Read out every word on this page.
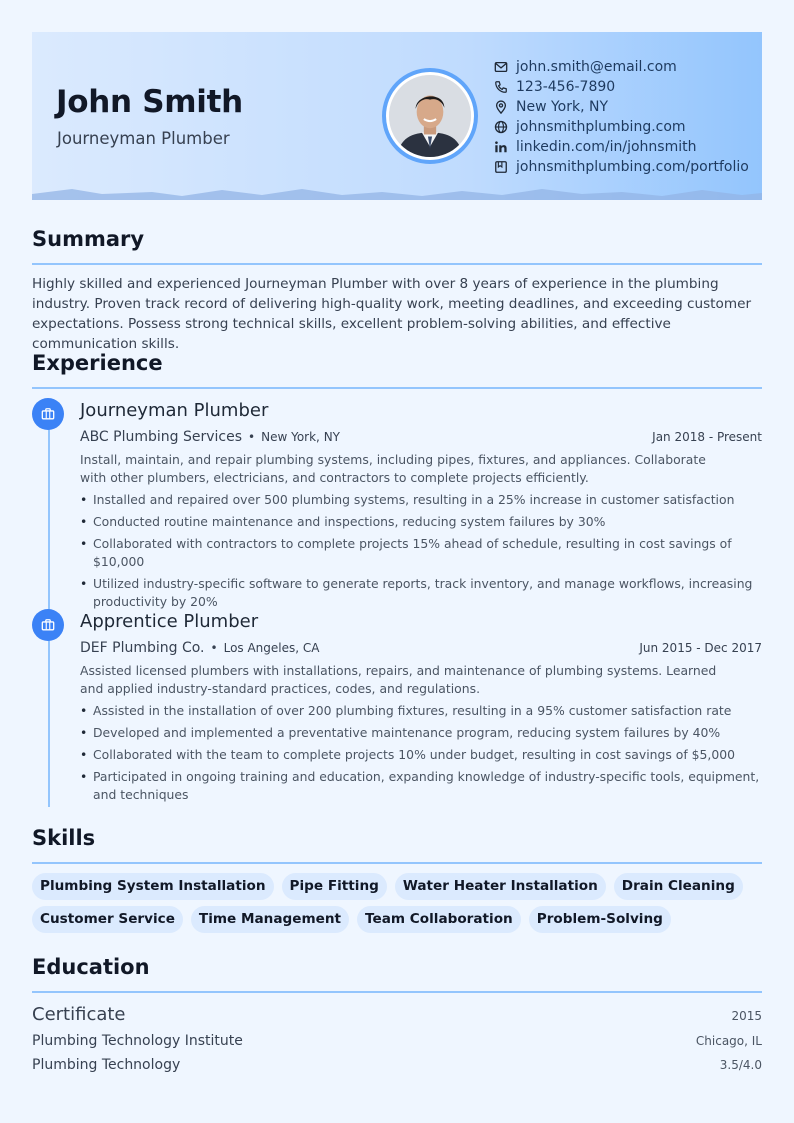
John Smith
Journeyman Plumber
john.smith@email.com
123-456-7890
New York, NY
johnsmithplumbing.com
linkedin.com/in/johnsmith
johnsmithplumbing.com/portfolio
Summary
Highly skilled and experienced Journeyman Plumber with over 8 years of experience in the plumbing industry. Proven track record of delivering high-quality work, meeting deadlines, and exceeding customer expectations. Possess strong technical skills, excellent problem-solving abilities, and effective communication skills.
Experience
Journeyman Plumber
ABC Plumbing Services • New York, NY	Jan 2018 - Present
Install, maintain, and repair plumbing systems, including pipes, fixtures, and appliances. Collaborate with other plumbers, electricians, and contractors to complete projects efficiently.
• Installed and repaired over 500 plumbing systems, resulting in a 25% increase in customer satisfaction
• Conducted routine maintenance and inspections, reducing system failures by 30%
• Collaborated with contractors to complete projects 15% ahead of schedule, resulting in cost savings of $10,000
• Utilized industry-specific software to generate reports, track inventory, and manage workflows, increasing productivity by 20%
Apprentice Plumber
DEF Plumbing Co. • Los Angeles, CA	Jun 2015 - Dec 2017
Assisted licensed plumbers with installations, repairs, and maintenance of plumbing systems. Learned and applied industry-standard practices, codes, and regulations.
• Assisted in the installation of over 200 plumbing fixtures, resulting in a 95% customer satisfaction rate
• Developed and implemented a preventative maintenance program, reducing system failures by 40%
• Collaborated with the team to complete projects 10% under budget, resulting in cost savings of $5,000
• Participated in ongoing training and education, expanding knowledge of industry-specific tools, equipment, and techniques
Skills
Plumbing System Installation	Pipe Fitting	Water Heater Installation	Drain Cleaning
Customer Service	Time Management	Team Collaboration	Problem-Solving
Education
Certificate	2015
Plumbing Technology Institute	Chicago, IL
Plumbing Technology	3.5/4.0
